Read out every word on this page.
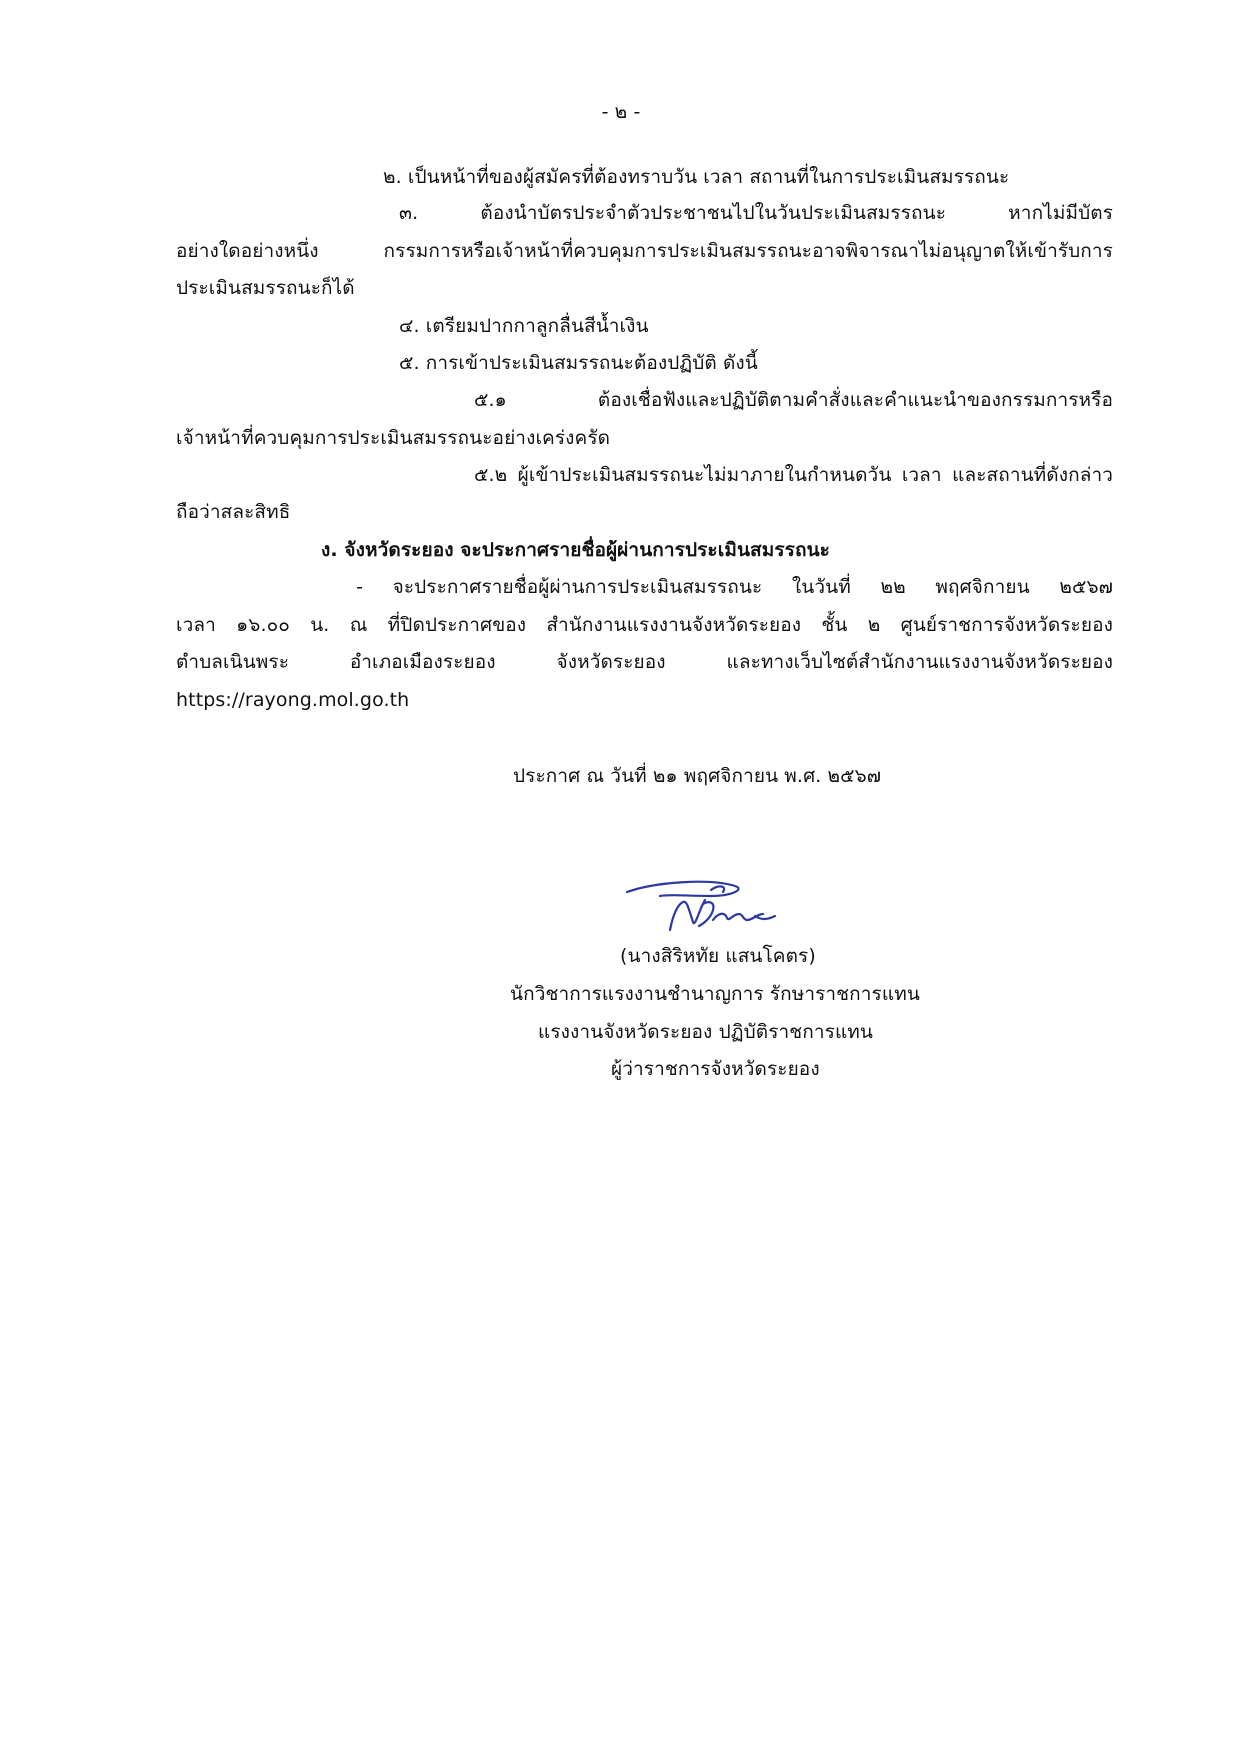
- ๒ -
๒. เป็นหน้าที่ของผู้สมัครที่ต้องทราบวัน เวลา สถานที่ในการประเมินสมรรถนะ
๓. ต้องนำบัตรประจำตัวประชาชนไปในวันประเมินสมรรถนะ หากไม่มีบัตร
อย่างใดอย่างหนึ่ง กรรมการหรือเจ้าหน้าที่ควบคุมการประเมินสมรรถนะอาจพิจารณาไม่อนุญาตให้เข้ารับการ
ประเมินสมรรถนะก็ได้
๔. เตรียมปากกาลูกลื่นสีน้ำเงิน
๕. การเข้าประเมินสมรรถนะต้องปฏิบัติ ดังนี้
๕.๑ ต้องเชื่อฟังและปฏิบัติตามคำสั่งและคำแนะนำของกรรมการหรือ
เจ้าหน้าที่ควบคุมการประเมินสมรรถนะอย่างเคร่งครัด
๕.๒ ผู้เข้าประเมินสมรรถนะไม่มาภายในกำหนดวัน เวลา และสถานที่ดังกล่าว
ถือว่าสละสิทธิ
ง. จังหวัดระยอง จะประกาศรายชื่อผู้ผ่านการประเมินสมรรถนะ
- จะประกาศรายชื่อผู้ผ่านการประเมินสมรรถนะ ในวันที่ ๒๒ พฤศจิกายน ๒๕๖๗
เวลา ๑๖.๐๐ น. ณ ที่ปิดประกาศของ สำนักงานแรงงานจังหวัดระยอง ชั้น ๒ ศูนย์ราชการจังหวัดระยอง
ตำบลเนินพระ อำเภอเมืองระยอง จังหวัดระยอง และทางเว็บไซต์สำนักงานแรงงานจังหวัดระยอง
https://rayong.mol.go.th
ประกาศ ณ วันที่ ๒๑ พฤศจิกายน พ.ศ. ๒๕๖๗
(นางสิริหทัย แสนโคตร)
นักวิชาการแรงงานชำนาญการ รักษาราชการแทน
แรงงานจังหวัดระยอง ปฏิบัติราชการแทน
ผู้ว่าราชการจังหวัดระยอง
